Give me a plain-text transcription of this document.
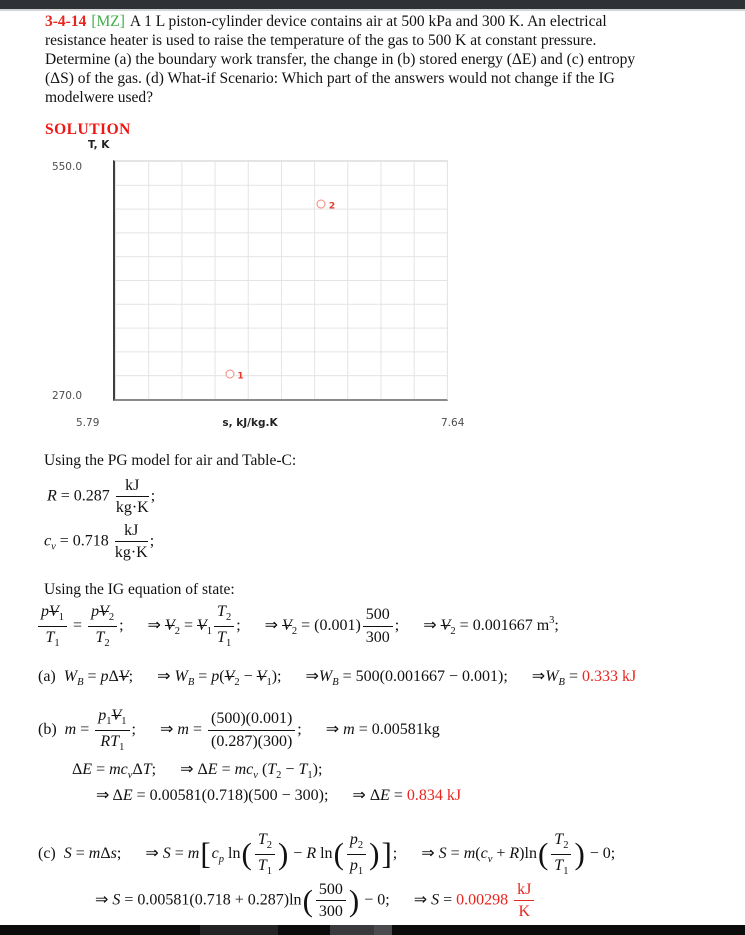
3-4-14 [MZ] A 1 L piston-cylinder device contains air at 500 kPa and 300 K. An electrical
resistance heater is used to raise the temperature of the gas to 500 K at constant pressure.
Determine (a) the boundary work transfer, the change in (b) stored energy (ΔE) and (c) entropy
(ΔS) of the gas. (d) What-if Scenario: Which part of the answers would not change if the IG
modelwere used?
SOLUTION
T, K
550.0
270.0
1
2
5.79	s, kJ/kg.K	7.64
Using the PG model for air and Table-C:
$R = 0.287 \frac{kJ}{kg\cdot K}$ ;
$c_v = 0.718 \frac{kJ}{kg\cdot K}$ ;
Using the IG equation of state:
$\frac{pV_1}{T_1} = \frac{pV_2}{T_2}$ ; ⇒ $V_2 = V_1 \frac{T_2}{T_1}$ ; ⇒ $V_2 = (0.001) \frac{500}{300}$ ; ⇒ $V_2 = 0.001667$ $m^3$;
(a)  $W_B = p\Delta V$; ⇒ $W_B = p(V_2 - V_1)$; $\Rightarrow W_B = 500(0.001667 - 0.001)$; $\Rightarrow W_B = 0.333$ kJ
(b)  $m = \frac{p_1V_1}{RT_1}$ ; ⇒ $m = \frac{(500)(0.001)}{(0.287)(300)}$ ; ⇒ m = 0.00581kg
$\Delta E = mc_v\Delta T$; ⇒ $\Delta E = mc_v$ $(T_2 - T_1)$;
⇒ ΔE = 0.00581(0.718)(500 − 300); ⇒ ΔE = 0.834 kJ
(c)  S = mΔs; ⇒ $S = m[c_p$ $\ln( \frac{T_2}{T_1}$ ) − R $\ln( \frac{p_2}{p_1}$ )]; ⇒ $S = m(c_v + R)\ln( \frac{T_2}{T_1}$ ) − 0;
⇒ $S = 0.00581(0.718 + 0.287)\ln( \frac{500}{300}$ ) − 0; ⇒ $S = 0.00298 \frac{kJ}{K}$
